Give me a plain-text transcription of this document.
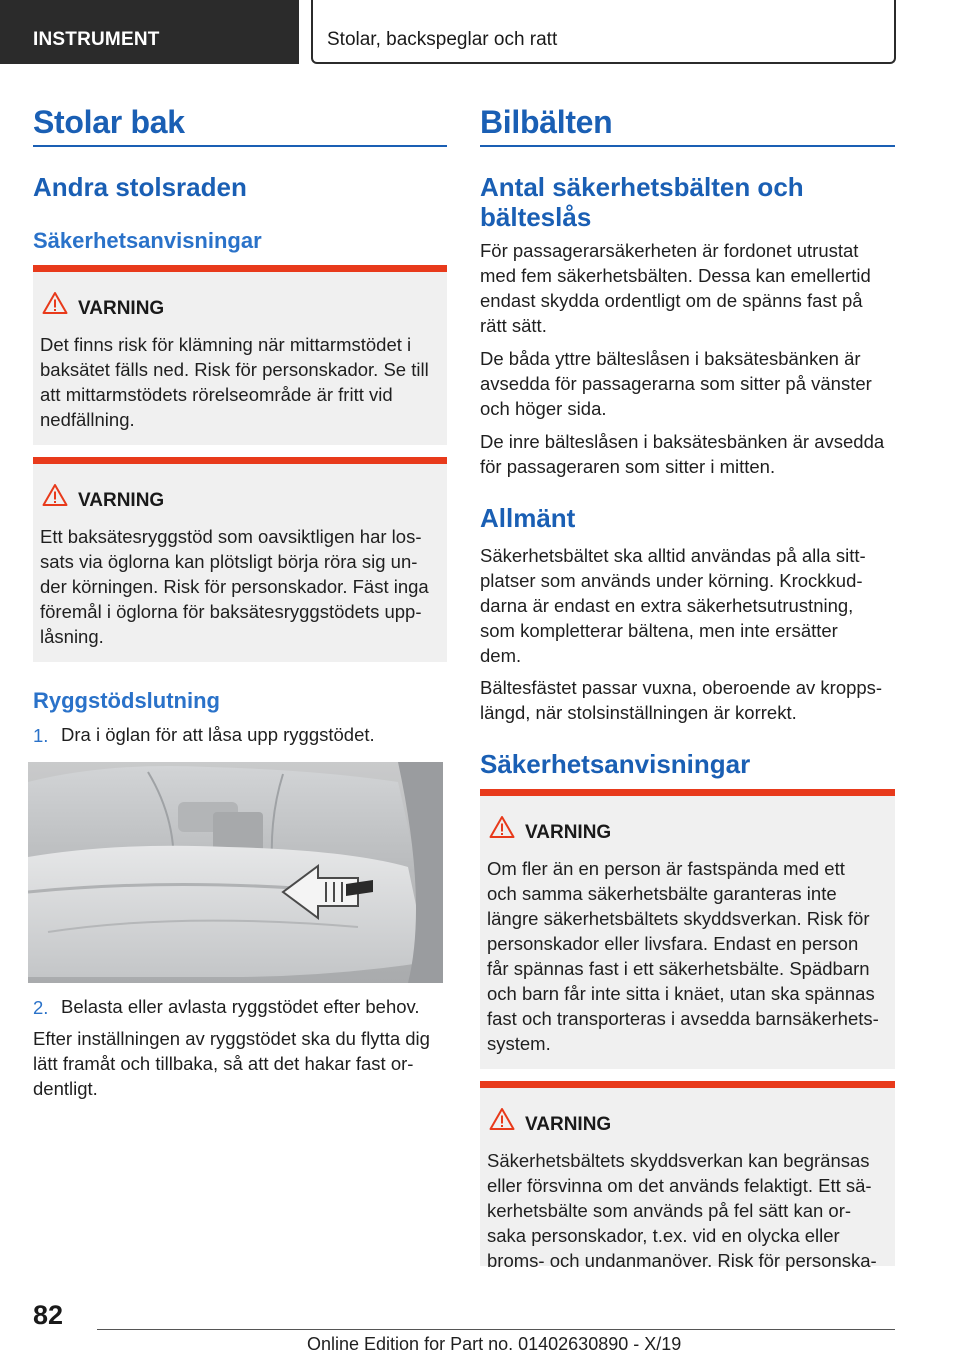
INSTRUMENT	Stolar, backspeglar och ratt
Stolar bak
Andra stolsraden
Säkerhetsanvisningar
VARNING
Det finns risk för klämning när mittarmstödet i
baksätet fälls ned. Risk för personskador. Se till
att mittarmstödets rörelseområde är fritt vid
nedfällning.
VARNING
Ett baksätesryggstöd som oavsiktligen har los-
sats via öglorna kan plötsligt börja röra sig un-
der körningen. Risk för personskador. Fäst inga
föremål i öglorna för baksätesryggstödets upp-
låsning.
Ryggstödslutning
1. Dra i öglan för att låsa upp ryggstödet.
2. Belasta eller avlasta ryggstödet efter behov.
Efter inställningen av ryggstödet ska du flytta dig
lätt framåt och tillbaka, så att det hakar fast or-
dentligt.
Bilbälten
Antal säkerhetsbälten och
bälteslås
För passagerarsäkerheten är fordonet utrustat
med fem säkerhetsbälten. Dessa kan emellertid
endast skydda ordentligt om de spänns fast på
rätt sätt.
De båda yttre bälteslåsen i baksätesbänken är
avsedda för passagerarna som sitter på vänster
och höger sida.
De inre bälteslåsen i baksätesbänken är avsedda
för passageraren som sitter i mitten.
Allmänt
Säkerhetsbältet ska alltid användas på alla sitt-
platser som används under körning. Krockkud-
darna är endast en extra säkerhetsutrustning,
som kompletterar bältena, men inte ersätter
dem.
Bältesfästet passar vuxna, oberoende av kropps-
längd, när stolsinställningen är korrekt.
Säkerhetsanvisningar
VARNING
Om fler än en person är fastspända med ett
och samma säkerhetsbälte garanteras inte
längre säkerhetsbältets skyddsverkan. Risk för
personskador eller livsfara. Endast en person
får spännas fast i ett säkerhetsbälte. Spädbarn
och barn får inte sitta i knäet, utan ska spännas
fast och transporteras i avsedda barnsäkerhets-
system.
VARNING
Säkerhetsbältets skyddsverkan kan begränsas
eller försvinna om det används felaktigt. Ett sä-
kerhetsbälte som används på fel sätt kan or-
saka personskador, t.ex. vid en olycka eller
broms- och undanmanöver. Risk för personska-
82
Online Edition for Part no. 01402630890 - X/19
